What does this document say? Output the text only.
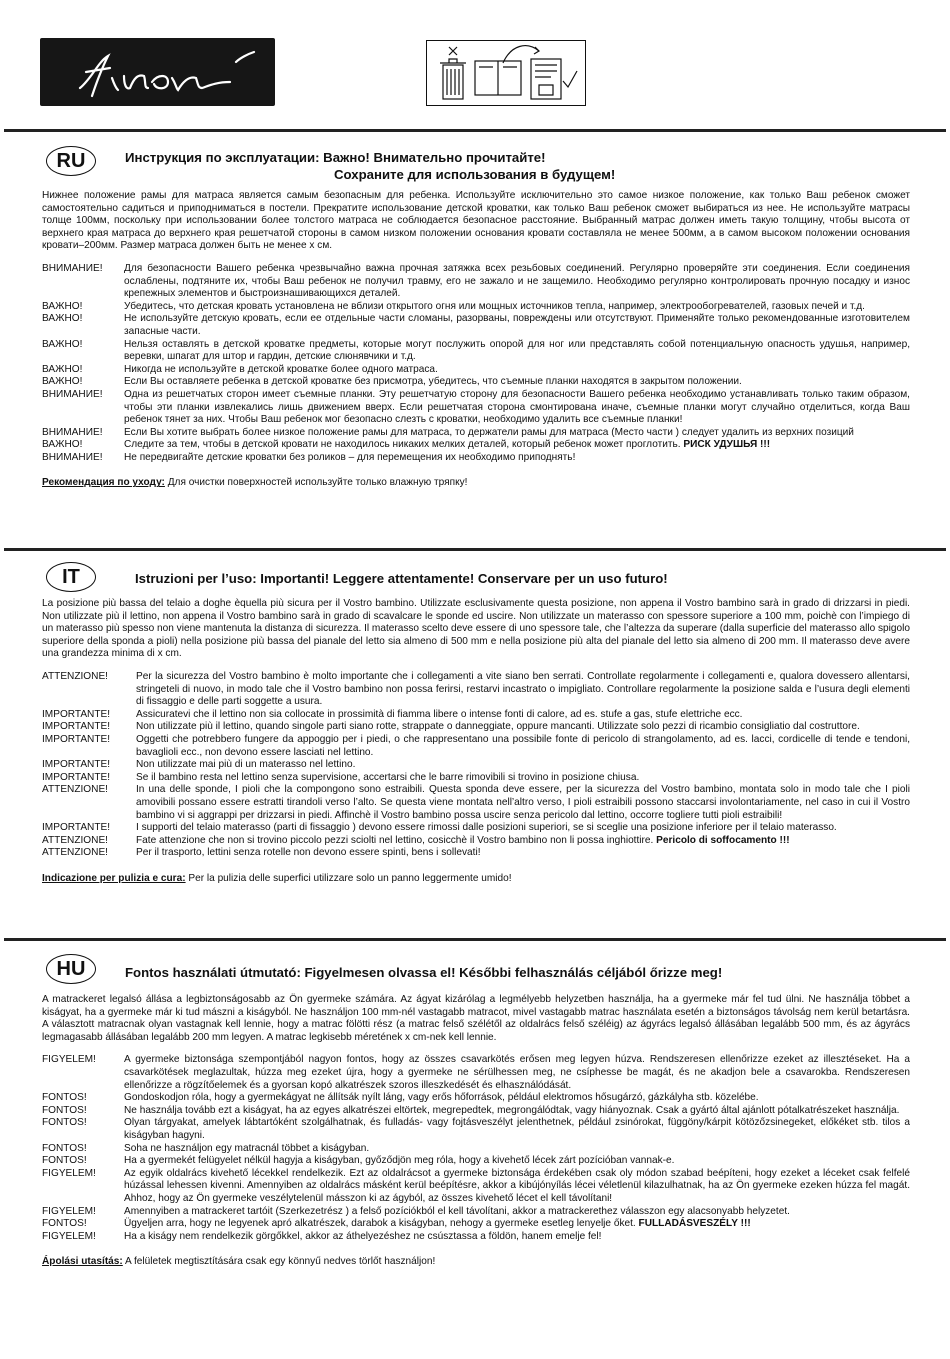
RU	Инструкция по эксплуатации: Важно! Внимательно прочитайте!
Сохраните для использования в будущем!

Нижнее положение рамы для матраса является самым безопасным для ребенка. Используйте исключительно это самое низкое положение, как только Ваш ребенок сможет самостоятельно садиться и приподниматься в постели. Прекратите использование детской кроватки, как только Ваш ребенок сможет выбираться из нее. Не используйте матрасы толще 100мм, поскольку при использовании более толстого матраса не соблюдается безопасное расстояние. Выбранный матрас должен иметь такую толщину, чтобы высота от верхнего края матраса до верхнего края решетчатой стороны в самом низком положении основания кровати составляла не менее 500мм, а в самом высоком положении основания кровати–200мм. Размер матраса должен быть не менее x см.

ВНИМАНИЕ!	Для безопасности Вашего ребенка чрезвычайно важна прочная затяжка всех резьбовых соединений. Регулярно проверяйте эти соединения. Если соединения ослаблены, подтяните их, чтобы Ваш ребенок не получил травму, его не зажало и не защемило. Необходимо регулярно контролировать прочную посадку и износ крепежных элементов и быстроизнашивающихся деталей.
ВАЖНО!	Убедитесь, что детская кровать установлена не вблизи открытого огня или мощных источников тепла, например, электрообогревателей, газовых печей и т.д.
ВАЖНО!	Не используйте детскую кровать, если ее отдельные части сломаны, разорваны, повреждены или отсутствуют. Применяйте только рекомендованные изготовителем запасные части.
ВАЖНО!	Нельзя оставлять в детской кроватке предметы, которые могут послужить опорой для ног или представлять собой потенциальную опасность удушья, например, веревки, шпагат для штор и гардин, детские слюнявчики и т.д.
ВАЖНО!	Никогда не используйте в детской кроватке более одного матраса.
ВАЖНО!	Если Вы оставляете ребенка в детской кроватке без присмотра, убедитесь, что съемные планки находятся в закрытом положении.
ВНИМАНИЕ!	Одна из решетчатых сторон имеет съемные планки. Эту решетчатую сторону для безопасности Вашего ребенка необходимо устанавливать только таким образом, чтобы эти планки извлекались лишь движением вверх. Если решетчатая сторона смонтирована иначе, съемные планки могут случайно отделиться, когда Ваш ребенок тянет за них. Чтобы Ваш ребенок мог безопасно слезть с кроватки, необходимо удалить все съемные планки!
ВНИМАНИЕ!	Если Вы хотите выбрать более низкое положение рамы для матраса, то держатели рамы для матраса (Место части ) следует удалить из верхних позиций
ВАЖНО!	Следите за тем, чтобы в детской кровати не находилось никаких мелких деталей, который ребенок может проглотить. РИСК УДУШЬЯ !!!
ВНИМАНИЕ!	Не передвигайте детские кроватки без роликов – для перемещения их необходимо приподнять!
Рекомендация по уходу: Для очистки поверхностей используйте только влажную тряпку!
IT	Istruzioni per l’uso: Importanti! Leggere attentamente! Conservare per un uso futuro!

La posizione più bassa del telaio a doghe èquella più sicura per il Vostro bambino. Utilizzate esclusivamente questa posizione, non appena il Vostro bambino sarà in grado di drizzarsi in piedi. Non utilizzate più il lettino, non appena il Vostro bambino sarà in grado di scavalcare le sponde ed uscire. Non utilizzate un materasso con spessore superiore a 100 mm, poichè con l’impiego di un materasso più spesso non viene mantenuta la distanza di sicurezza. Il materasso scelto deve essere di uno spessore tale, che l’altezza da superare (dalla superficie del materasso allo spigolo superiore della sponda a pioli) nella posizione più bassa del pianale del letto sia almeno di 500 mm e nella posizione più alta del pianale del letto sia almeno di 200 mm. Il materasso deve avere una grandezza minima di x cm.

ATTENZIONE!	Per la sicurezza del Vostro bambino è molto importante che i collegamenti a vite siano ben serrati. Controllate regolarmente i collegamenti e, qualora dovessero allentarsi, stringeteli di nuovo, in modo tale che il Vostro bambino non possa ferirsi, restarvi incastrato o impigliato. Controllare regolarmente la posizione salda e l’usura degli elementi di fissaggio e delle parti soggette a usura.
IMPORTANTE!	Assicuratevi che il lettino non sia collocate in prossimità di fiamma libere o intense fonti di calore, ad es. stufe a gas, stufe elettriche ecc.
IMPORTANTE!	Non utilizzate più il lettino, quando singole parti siano rotte, strappate o danneggiate, oppure mancanti. Utilizzate solo pezzi di ricambio consigliatio dal costruttore.
IMPORTANTE!	Oggetti che potrebbero fungere da appoggio per i piedi, o che rappresentano una possibile fonte di pericolo di strangolamento, ad es. lacci, cordicelle di tende e tendoni, bavaglioli ecc., non devono essere lasciati nel lettino.
IMPORTANTE!	Non utilizzate mai più di un materasso nel lettino.
IMPORTANTE!	Se il bambino resta nel lettino senza supervisione, accertarsi che le barre rimovibili si trovino in posizione chiusa.
ATTENZIONE!	In una delle sponde, I pioli che la compongono sono estraibili. Questa sponda deve essere, per la sicurezza del Vostro bambino, montata solo in modo tale che I pioli amovibili possano essere estratti tirandoli verso l’alto. Se questa viene montata nell’altro verso, I pioli estraibili possono staccarsi involontariamente, nel caso in cui il Vostro bambino vi si aggrappi per drizzarsi in piedi. Affinchè il Vostro bambino possa uscire senza pericolo dal lettino, occorre togliere tutti pioli estraibili!
IMPORTANTE!	I supporti del telaio materasso (parti di fissaggio ) devono essere rimossi dalle posizioni superiori, se si sceglie una posizione inferiore per il telaio materasso.
ATTENZIONE!	Fate attenzione che non si trovino piccolo pezzi sciolti nel lettino, cosicchè il Vostro bambino non li possa inghiottire. Pericolo di soffocamento !!!
ATTENZIONE!	Per il trasporto, lettini senza rotelle non devono essere spinti, bens i sollevati!
Indicazione per pulizia e cura: Per la pulizia delle superfici utilizzare solo un panno leggermente umido!
HU	Fontos használati útmutató: Figyelmesen olvassa el! Későbbi felhasználás céljából őrizze meg!

A matrackeret legalsó állása a legbiztonságosabb az Ön gyermeke számára. Az ágyat kizárólag a legmélyebb helyzetben használja, ha a gyermeke már fel tud ülni. Ne használja többet a kiságyat, ha a gyermeke már ki tud mászni a kiságyból. Ne használjon 100 mm-nél vastagabb matracot, mivel vastagabb matrac használata esetén a biztonságos távolság nem kerül betartásra. A választott matracnak olyan vastagnak kell lennie, hogy a matrac fölötti rész (a matrac felső szélétől az oldalrács felső széléig) az ágyrács legalsó állásában legalább 500 mm, és az ágyrács legmagasabb állásában legalább 200 mm legyen. A matrac legkisebb méretének x cm-nek kell lennie.

FIGYELEM!	A gyermeke biztonsága szempontjából nagyon fontos, hogy az összes csavarkötés erősen meg legyen húzva. Rendszeresen ellenőrizze ezeket az illesztéseket. Ha a csavarkötések meglazultak, húzza meg ezeket újra, hogy a gyermeke ne sérülhessen meg, ne csíphesse be magát, és ne akadjon bele a csavarokba. Rendszeresen ellenőrizze a rögzítőelemek és a gyorsan kopó alkatrészek szoros illeszkedését és elhasználódását.
FONTOS!	Gondoskodjon róla, hogy a gyermekágyat ne állítsák nyílt láng, vagy erős hőforrások, például elektromos hősugárzó, gázkályha stb. közelébe.
FONTOS!	Ne használja tovább ezt a kiságyat, ha az egyes alkatrészei eltörtek, megrepedtek, megrongálódtak, vagy hiányoznak. Csak a gyártó által ajánlott pótalkatrészeket használja.
FONTOS!	Olyan tárgyakat, amelyek lábtartóként szolgálhatnak, és fulladás- vagy fojtásveszélyt jelenthetnek, például zsinórokat, függöny/kárpit kötözőzsinegeket, előkéket stb. tilos a kiságyban hagyni.
FONTOS!	Soha ne használjon egy matracnál többet a kiságyban.
FONTOS!	Ha a gyermekét felügyelet nélkül hagyja a kiságyban, győződjön meg róla, hogy a kivehető lécek zárt pozícióban vannak-e.
FIGYELEM!	Az egyik oldalrács kivehető lécekkel rendelkezik. Ezt az oldalrácsot a gyermeke biztonsága érdekében csak oly módon szabad beépíteni, hogy ezeket a léceket csak felfelé húzással lehessen kivenni. Amennyiben az oldalrács másként kerül beépítésre, akkor a kibújónyílás lécei véletlenül kilazulhatnak, ha az Ön gyermeke ezeken húzza fel magát. Ahhoz, hogy az Ön gyermeke veszélytelenül másszon ki az ágyból, az összes kivehető lécet el kell távolítani!
FIGYELEM!	Amennyiben a matrackeret tartóit (Szerkezetrész ) a felső pozíciókból el kell távolítani, akkor a matrackerethez válasszon egy alacsonyabb helyzetet.
FONTOS!	Ügyeljen arra, hogy ne legyenek apró alkatrészek, darabok a kiságyban, nehogy a gyermeke esetleg lenyelje őket. FULLADÁSVESZÉLY !!!
FIGYELEM!	Ha a kiságy nem rendelkezik görgőkkel, akkor az áthelyezéshez ne csúsztassa a földön, hanem emelje fel!
Ápolási utasítás: A felületek megtisztítására csak egy könnyű nedves törlőt használjon!
